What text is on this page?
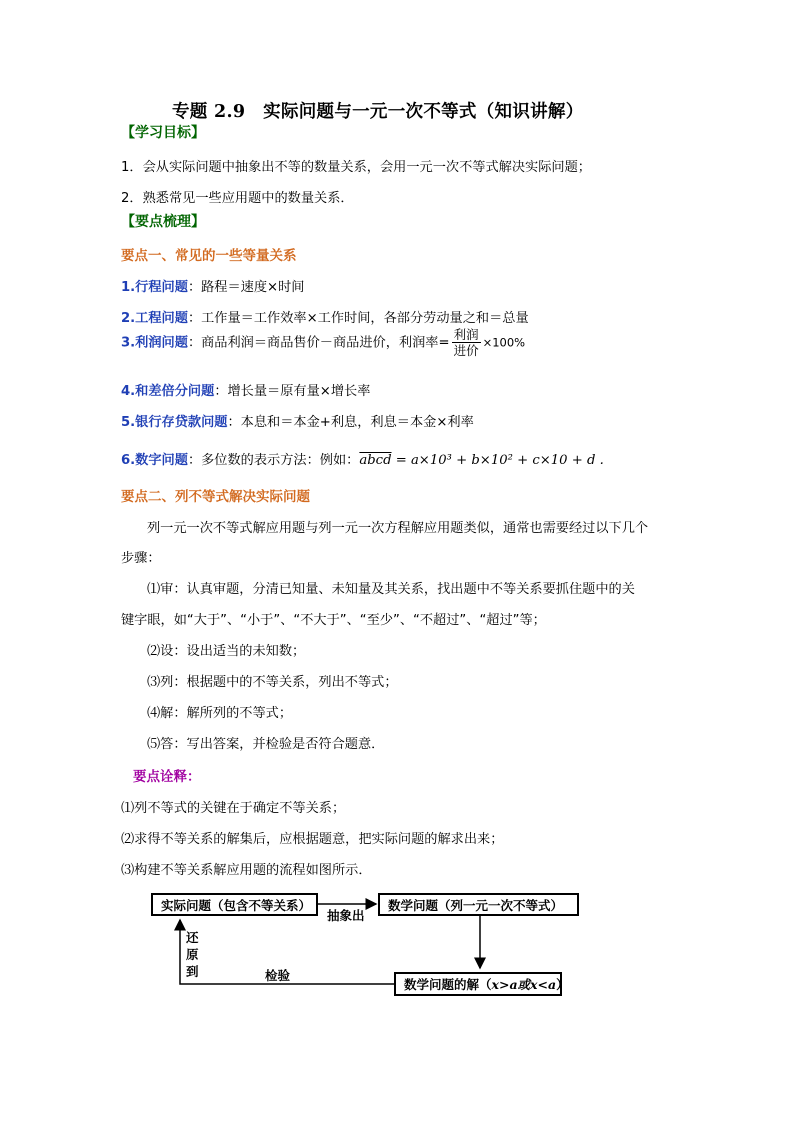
专题 2.9　实际问题与一元一次不等式（知识讲解）
【学习目标】
1．会从实际问题中抽象出不等的数量关系，会用一元一次不等式解决实际问题；
2．熟悉常见一些应用题中的数量关系．
【要点梳理】
要点一、常见的一些等量关系
1.行程问题：路程＝速度×时间
2.工程问题：工作量＝工作效率×工作时间，各部分劳动量之和＝总量
3.利润问题：商品利润＝商品售价－商品进价，利润率= $\frac{\text{利润}}{\text{进价}} \times 100\%$
4.和差倍分问题：增长量＝原有量×增长率
5.银行存贷款问题：本息和＝本金+利息，利息＝本金×利率
6.数字问题：多位数的表示方法：例如：abcd = a×10³ + b×10² + c×10 + d .
要点二、列不等式解决实际问题
列一元一次不等式解应用题与列一元一次方程解应用题类似，通常也需要经过以下几个
步骤：
⑴审：认真审题，分清已知量、未知量及其关系，找出题中不等关系要抓住题中的关
键字眼，如“大于”、“小于”、“不大于”、“至少”、“不超过”、“超过”等；
⑵设：设出适当的未知数；
⑶列：根据题中的不等关系，列出不等式；
⑷解：解所列的不等式；
⑸答：写出答案，并检验是否符合题意．
要点诠释：
⑴列不等式的关键在于确定不等关系；
⑵求得不等关系的解集后，应根据题意，把实际问题的解求出来；
⑶构建不等关系解应用题的流程如图所示．
实际问题（包含不等关系）	数学问题（列一元一次不等式）
数学问题的解（ x>a或x<a ）
抽象出
检验
还
原
到
